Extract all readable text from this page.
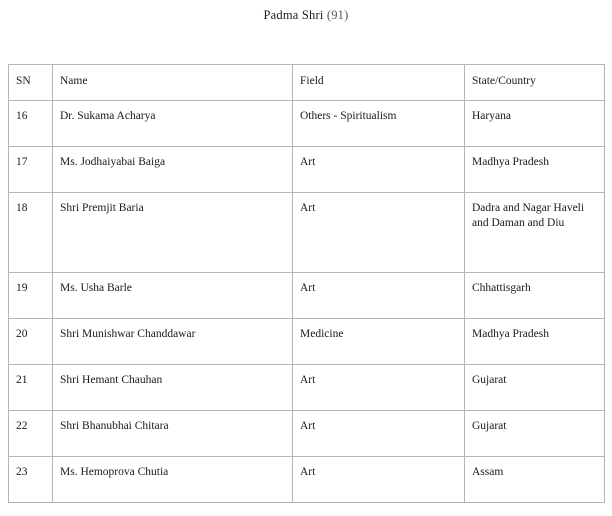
Padma Shri (91)
SN	Name	Field	State/Country
16	Dr. Sukama Acharya	Others - Spiritualism	Haryana
17	Ms. Jodhaiyabai Baiga	Art	Madhya Pradesh
18	Shri Premjit Baria	Art	Dadra and Nagar Haveli and Daman and Diu
19	Ms. Usha Barle	Art	Chhattisgarh
20	Shri Munishwar Chanddawar	Medicine	Madhya Pradesh
21	Shri Hemant Chauhan	Art	Gujarat
22	Shri Bhanubhai Chitara	Art	Gujarat
23	Ms. Hemoprova Chutia	Art	Assam
